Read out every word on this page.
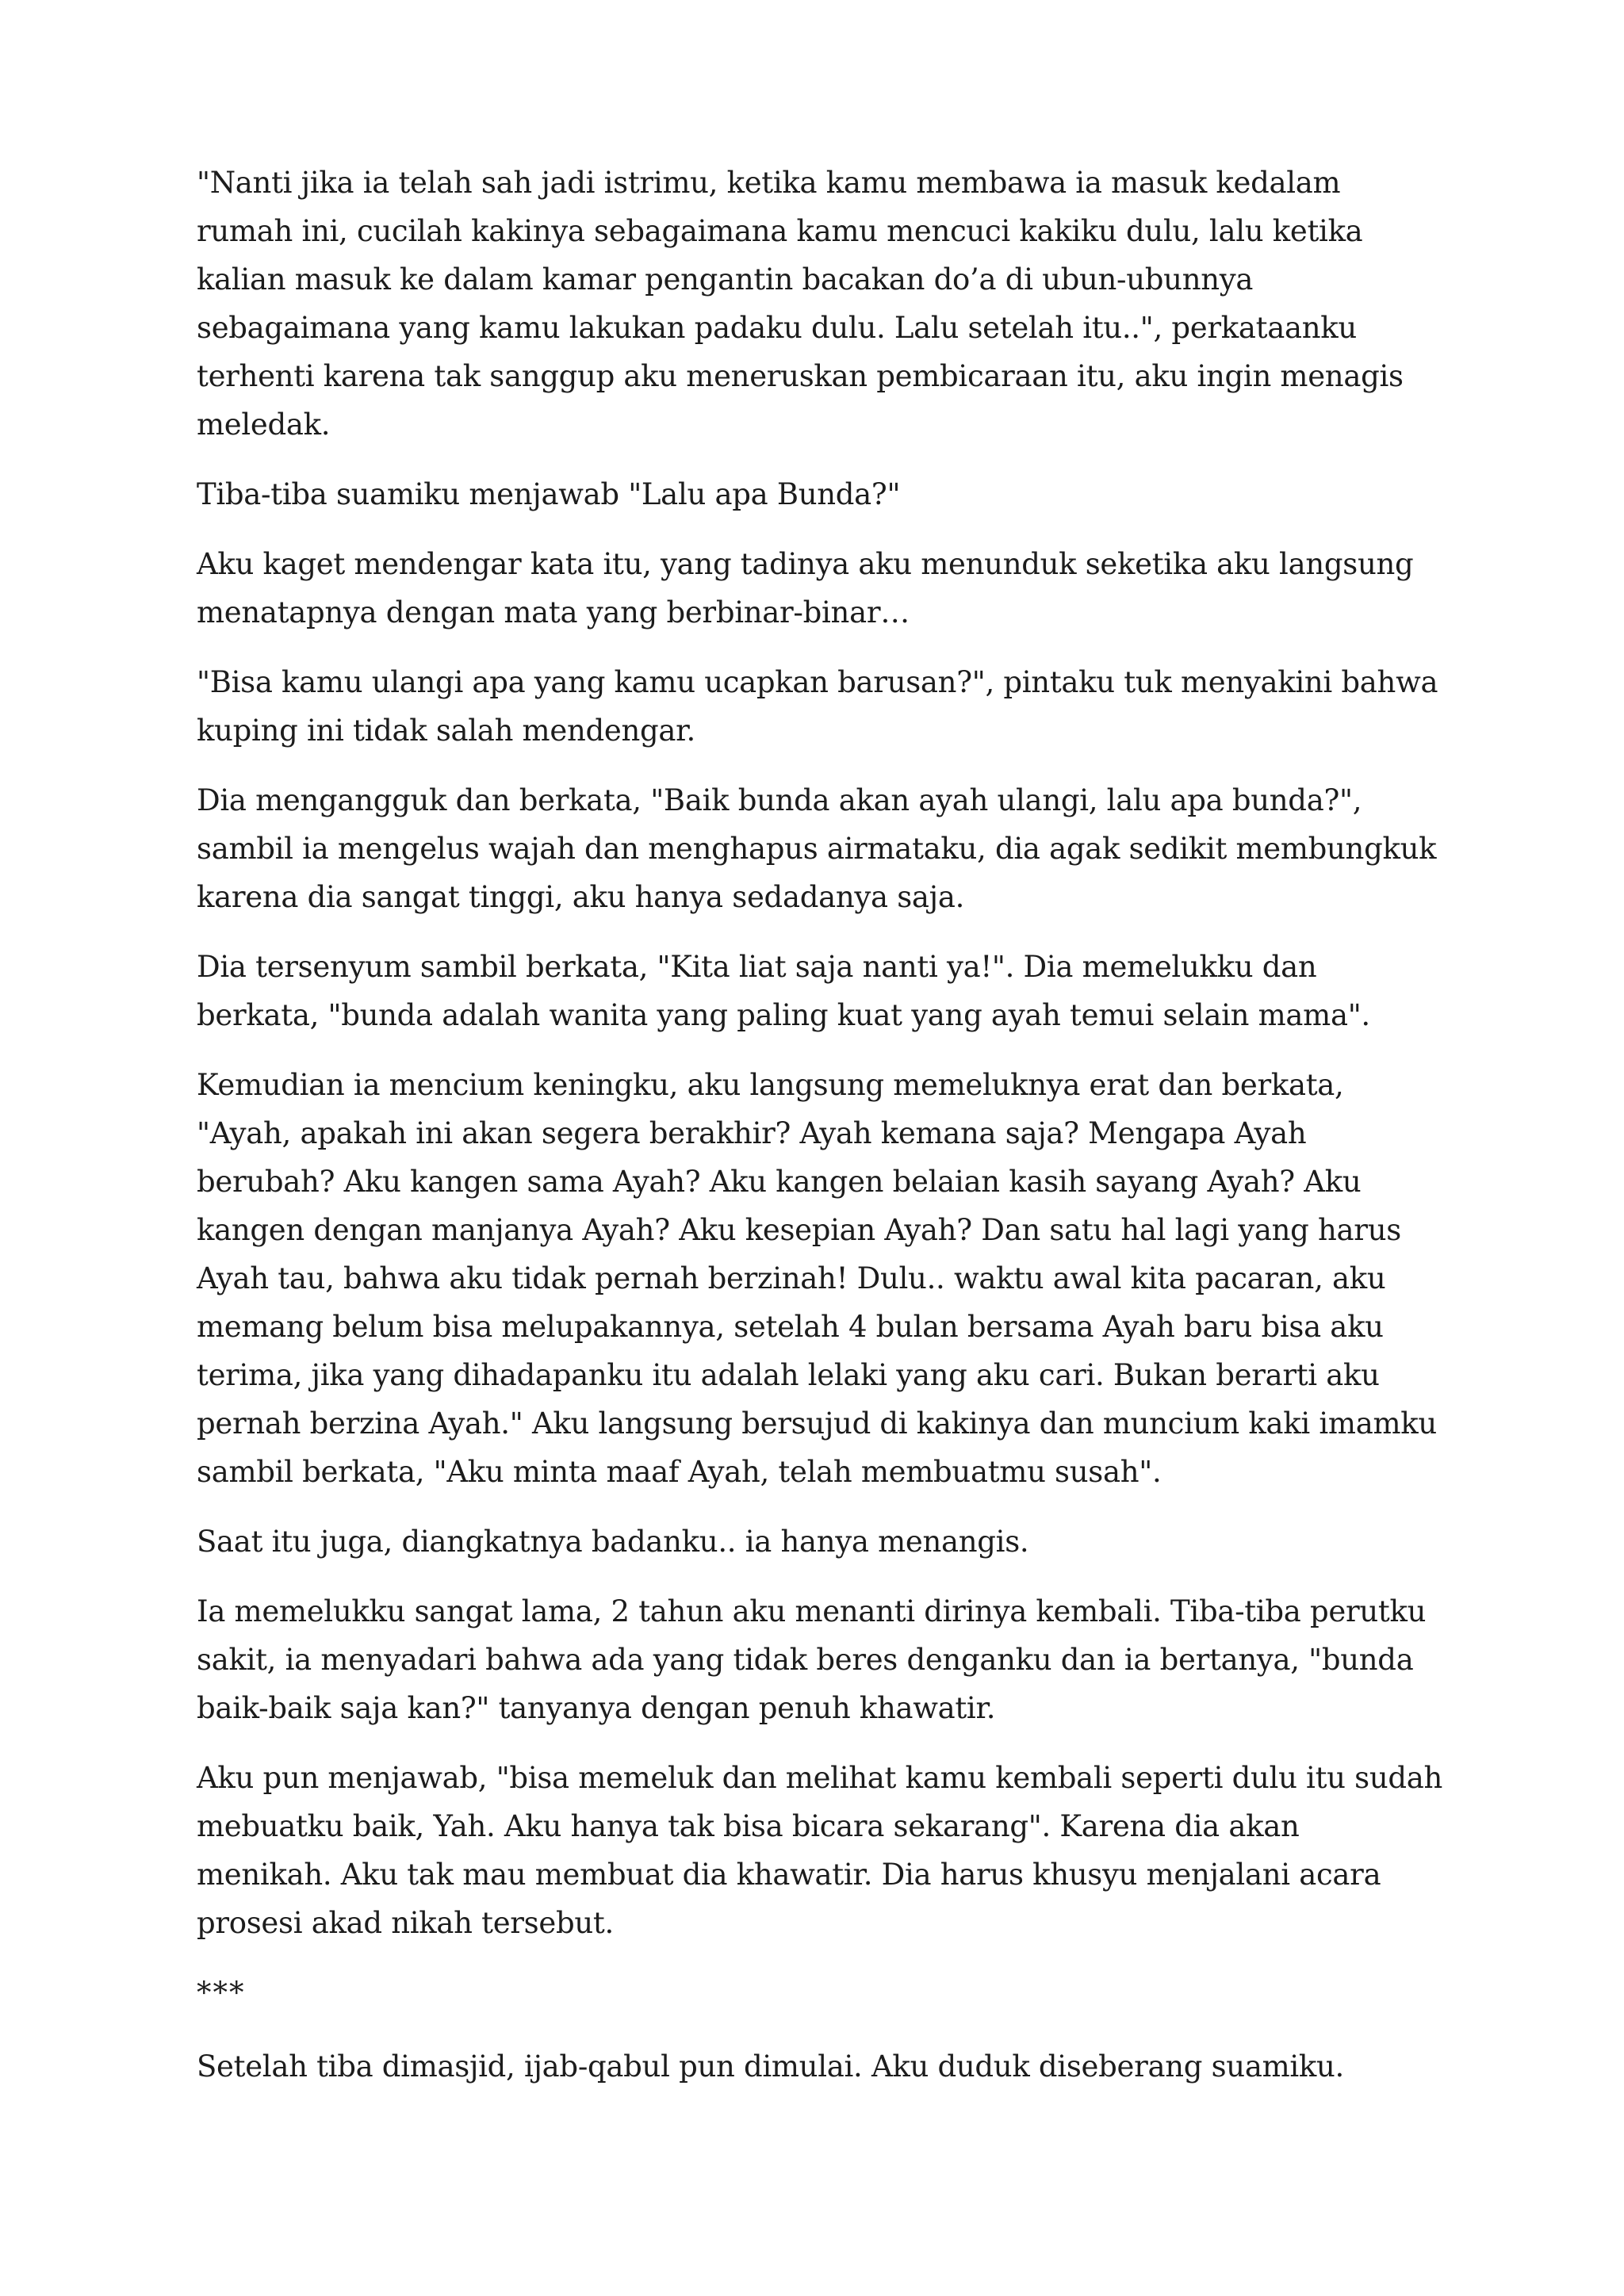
"Nanti jika ia telah sah jadi istrimu, ketika kamu membawa ia masuk kedalam rumah ini, cucilah kakinya sebagaimana kamu mencuci kakiku dulu, lalu ketika kalian masuk ke dalam kamar pengantin bacakan do’a di ubun-ubunnya sebagaimana yang kamu lakukan padaku dulu. Lalu setelah itu..", perkataanku terhenti karena tak sanggup aku meneruskan pembicaraan itu, aku ingin menagis meledak.

Tiba-tiba suamiku menjawab "Lalu apa Bunda?"

Aku kaget mendengar kata itu, yang tadinya aku menunduk seketika aku langsung menatapnya dengan mata yang berbinar-binar…

"Bisa kamu ulangi apa yang kamu ucapkan barusan?", pintaku tuk menyakini bahwa kuping ini tidak salah mendengar.

Dia mengangguk dan berkata, "Baik bunda akan ayah ulangi, lalu apa bunda?", sambil ia mengelus wajah dan menghapus airmataku, dia agak sedikit membungkuk karena dia sangat tinggi, aku hanya sedadanya saja.

Dia tersenyum sambil berkata, "Kita liat saja nanti ya!". Dia memelukku dan berkata, "bunda adalah wanita yang paling kuat yang ayah temui selain mama".

Kemudian ia mencium keningku, aku langsung memeluknya erat dan berkata, "Ayah, apakah ini akan segera berakhir? Ayah kemana saja? Mengapa Ayah berubah? Aku kangen sama Ayah? Aku kangen belaian kasih sayang Ayah? Aku kangen dengan manjanya Ayah? Aku kesepian Ayah? Dan satu hal lagi yang harus Ayah tau, bahwa aku tidak pernah berzinah! Dulu.. waktu awal kita pacaran, aku memang belum bisa melupakannya, setelah 4 bulan bersama Ayah baru bisa aku terima, jika yang dihadapanku itu adalah lelaki yang aku cari. Bukan berarti aku pernah berzina Ayah." Aku langsung bersujud di kakinya dan muncium kaki imamku sambil berkata, "Aku minta maaf Ayah, telah membuatmu susah".

Saat itu juga, diangkatnya badanku.. ia hanya menangis.

Ia memelukku sangat lama, 2 tahun aku menanti dirinya kembali. Tiba-tiba perutku sakit, ia menyadari bahwa ada yang tidak beres denganku dan ia bertanya, "bunda baik-baik saja kan?" tanyanya dengan penuh khawatir.

Aku pun menjawab, "bisa memeluk dan melihat kamu kembali seperti dulu itu sudah mebuatku baik, Yah. Aku hanya tak bisa bicara sekarang". Karena dia akan menikah. Aku tak mau membuat dia khawatir. Dia harus khusyu menjalani acara prosesi akad nikah tersebut.

***

Setelah tiba dimasjid, ijab-qabul pun dimulai. Aku duduk diseberang suamiku.
